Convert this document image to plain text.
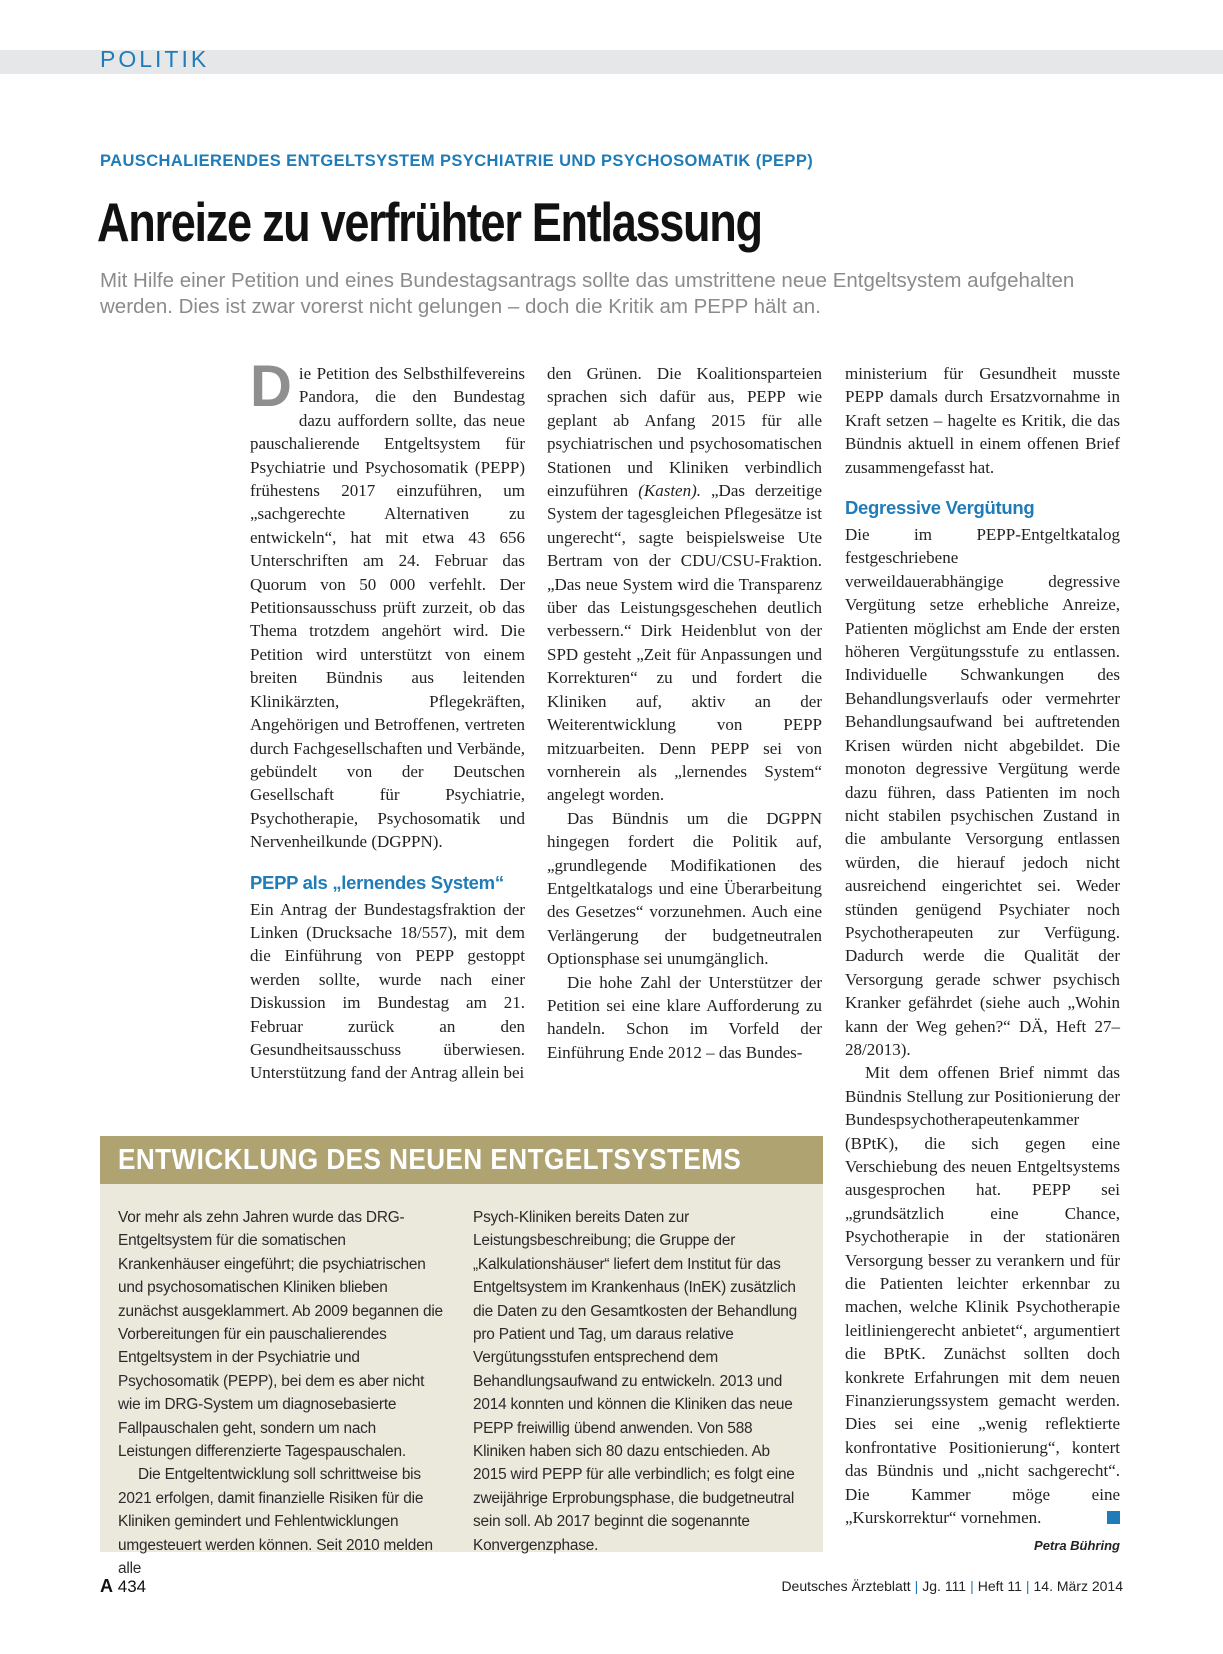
POLITIK
PAUSCHALIERENDES ENTGELTSYSTEM PSYCHIATRIE UND PSYCHOSOMATIK (PEPP)
Anreize zu verfrühter Entlassung
Mit Hilfe einer Petition und eines Bundestagsantrags sollte das umstrittene neue Entgeltsystem aufgehalten werden. Dies ist zwar vorerst nicht gelungen – doch die Kritik am PEPP hält an.

Die Petition des Selbsthilfevereins Pandora, die den Bundestag dazu auffordern sollte, das neue pauschalierende Entgeltsystem für Psychiatrie und Psychosomatik (PEPP) frühestens 2017 einzuführen, um „sachgerechte Alternativen zu entwickeln“, hat mit etwa 43 656 Unterschriften am 24. Februar das Quorum von 50 000 verfehlt. Der Petitionsausschuss prüft zurzeit, ob das Thema trotzdem angehört wird. Die Petition wird unterstützt von einem breiten Bündnis aus leitenden Klinikärzten, Pflegekräften, Angehörigen und Betroffenen, vertreten durch Fachgesellschaften und Verbände, gebündelt von der Deutschen Gesellschaft für Psychiatrie, Psychotherapie, Psychosomatik und Nervenheilkunde (DGPPN).

PEPP als „lernendes System“

Ein Antrag der Bundestagsfraktion der Linken (Drucksache 18/557), mit dem die Einführung von PEPP gestoppt werden sollte, wurde nach einer Diskussion im Bundestag am 21. Februar zurück an den Gesundheitsausschuss überwiesen. Unterstützung fand der Antrag allein bei

den Grünen. Die Koalitionsparteien sprachen sich dafür aus, PEPP wie geplant ab Anfang 2015 für alle psychiatrischen und psychosomatischen Stationen und Kliniken verbindlich einzuführen (Kasten). „Das derzeitige System der tagesgleichen Pflegesätze ist ungerecht“, sagte beispielsweise Ute Bertram von der CDU/CSU-Fraktion. „Das neue System wird die Transparenz über das Leistungsgeschehen deutlich verbessern.“ Dirk Heidenblut von der SPD gesteht „Zeit für Anpassungen und Korrekturen“ zu und fordert die Kliniken auf, aktiv an der Weiterentwicklung von PEPP mitzuarbeiten. Denn PEPP sei von vornherein als „lernendes System“ angelegt worden.

Das Bündnis um die DGPPN hingegen fordert die Politik auf, „grundlegende Modifikationen des Entgeltkatalogs und eine Überarbeitung des Gesetzes“ vorzunehmen. Auch eine Verlängerung der budgetneutralen Optionsphase sei unumgänglich.

Die hohe Zahl der Unterstützer der Petition sei eine klare Aufforderung zu handeln. Schon im Vorfeld der Einführung Ende 2012 – das Bundes-

ministerium für Gesundheit musste PEPP damals durch Ersatzvornahme in Kraft setzen – hagelte es Kritik, die das Bündnis aktuell in einem offenen Brief zusammengefasst hat.

Degressive Vergütung

Die im PEPP-Entgeltkatalog festgeschriebene verweildauerabhängige degressive Vergütung setze erhebliche Anreize, Patienten möglichst am Ende der ersten höheren Vergütungsstufe zu entlassen. Individuelle Schwankungen des Behandlungsverlaufs oder vermehrter Behandlungsaufwand bei auftretenden Krisen würden nicht abgebildet. Die monoton degressive Vergütung werde dazu führen, dass Patienten im noch nicht stabilen psychischen Zustand in die ambulante Versorgung entlassen würden, die hierauf jedoch nicht ausreichend eingerichtet sei. Weder stünden genügend Psychiater noch Psychotherapeuten zur Verfügung. Dadurch werde die Qualität der Versorgung gerade schwer psychisch Kranker gefährdet (siehe auch „Wohin kann der Weg gehen?“ DÄ, Heft 27–28/2013).

Mit dem offenen Brief nimmt das Bündnis Stellung zur Positionierung der Bundespsychotherapeutenkammer (BPtK), die sich gegen eine Verschiebung des neuen Entgeltsystems ausgesprochen hat. PEPP sei „grundsätzlich eine Chance, Psychotherapie in der stationären Versorgung besser zu verankern und für die Patienten leichter erkennbar zu machen, welche Klinik Psychotherapie leitliniengerecht anbietet“, argumentiert die BPtK. Zunächst sollten doch konkrete Erfahrungen mit dem neuen Finanzierungssystem gemacht werden. Dies sei eine „wenig reflektierte konfrontative Positionierung“, kontert das Bündnis und „nicht sachgerecht“. Die Kammer möge eine „Kurskorrektur“ vornehmen.

Petra Bühring
ENTWICKLUNG DES NEUEN ENTGELTSYSTEMS

Vor mehr als zehn Jahren wurde das DRG-Entgeltsystem für die somatischen Krankenhäuser eingeführt; die psychiatrischen und psychosomatischen Kliniken blieben zunächst ausgeklammert. Ab 2009 begannen die Vorbereitungen für ein pauschalierendes Entgeltsystem in der Psychiatrie und Psychosomatik (PEPP), bei dem es aber nicht wie im DRG-System um diagnosebasierte Fallpauschalen geht, sondern um nach Leistungen differenzierte Tagespauschalen.

Die Entgeltentwicklung soll schrittweise bis 2021 erfolgen, damit finanzielle Risiken für die Kliniken gemindert und Fehlentwicklungen umgesteuert werden können. Seit 2010 melden alle

Psych-Kliniken bereits Daten zur Leistungsbeschreibung; die Gruppe der „Kalkulationshäuser“ liefert dem Institut für das Entgeltsystem im Krankenhaus (InEK) zusätzlich die Daten zu den Gesamtkosten der Behandlung pro Patient und Tag, um daraus relative Vergütungsstufen entsprechend dem Behandlungsaufwand zu entwickeln. 2013 und 2014 konnten und können die Kliniken das neue PEPP freiwillig übend anwenden. Von 588 Kliniken haben sich 80 dazu entschieden. Ab 2015 wird PEPP für alle verbindlich; es folgt eine zweijährige Erprobungsphase, die budgetneutral sein soll. Ab 2017 beginnt die sogenannte Konvergenzphase.

A 434	Deutsches Ärzteblatt | Jg. 111 | Heft 11 | 14. März 2014
